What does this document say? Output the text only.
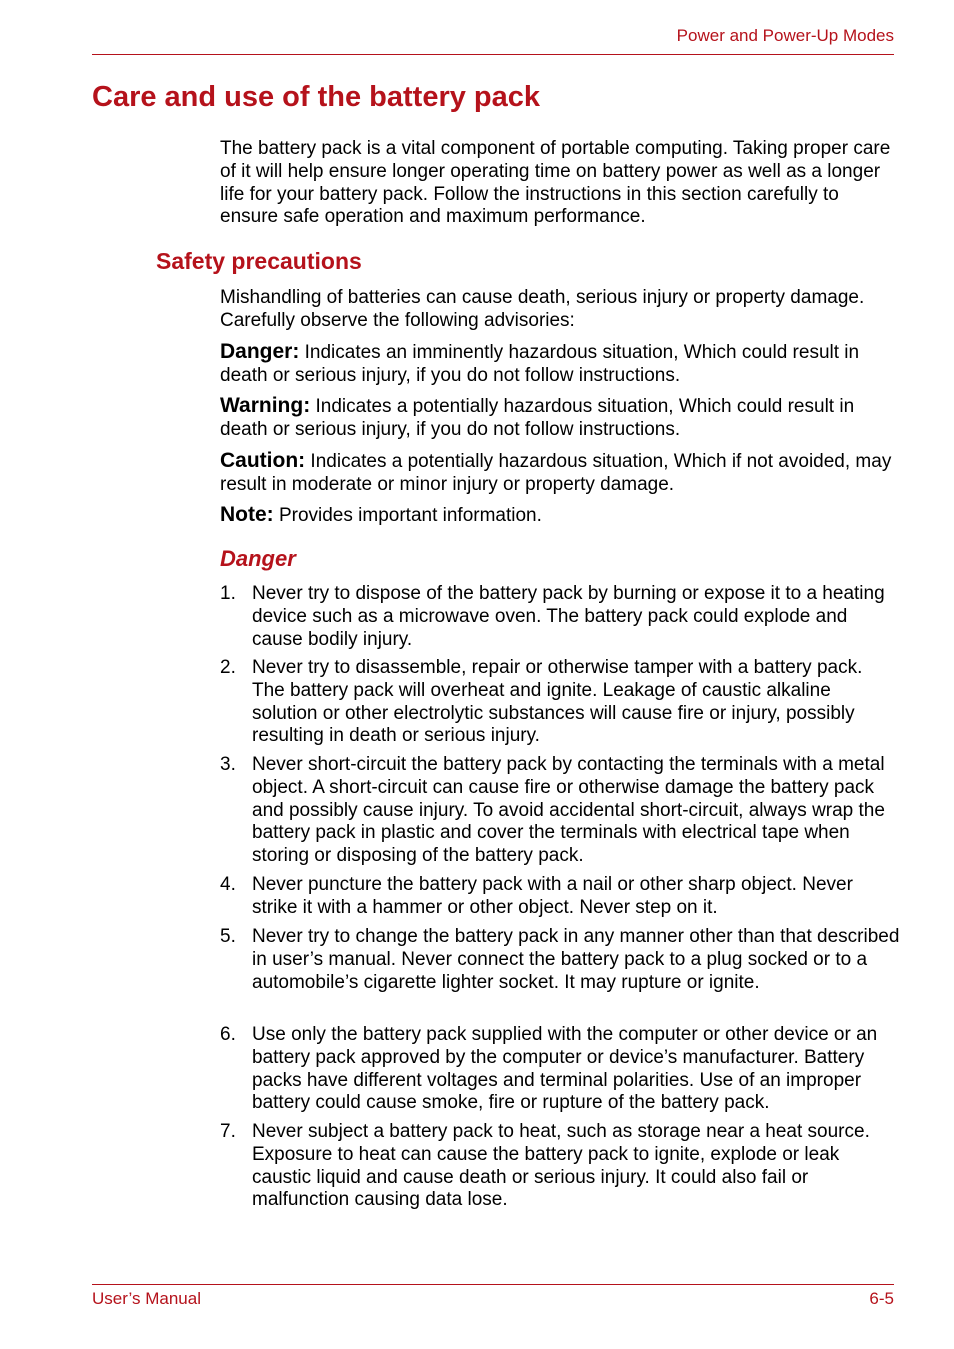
Power and Power-Up Modes
Care and use of the battery pack

The battery pack is a vital component of portable computing. Taking proper care of it will help ensure longer operating time on battery power as well as a longer life for your battery pack. Follow the instructions in this section carefully to ensure safe operation and maximum performance.

Safety precautions

Mishandling of batteries can cause death, serious injury or property damage. Carefully observe the following advisories:

Danger: Indicates an imminently hazardous situation, Which could result in death or serious injury, if you do not follow instructions.

Warning: Indicates a potentially hazardous situation, Which could result in death or serious injury, if you do not follow instructions.

Caution: Indicates a potentially hazardous situation, Which if not avoided, may result in moderate or minor injury or property damage.

Note: Provides important information.

Danger
1. Never try to dispose of the battery pack by burning or expose it to a heating device such as a microwave oven. The battery pack could explode and cause bodily injury.
2. Never try to disassemble, repair or otherwise tamper with a battery pack. The battery pack will overheat and ignite. Leakage of caustic alkaline solution or other electrolytic substances will cause fire or injury, possibly resulting in death or serious injury.
3. Never short-circuit the battery pack by contacting the terminals with a metal object. A short-circuit can cause fire or otherwise damage the battery pack and possibly cause injury. To avoid accidental short-circuit, always wrap the battery pack in plastic and cover the terminals with electrical tape when storing or disposing of the battery pack.
4. Never puncture the battery pack with a nail or other sharp object. Never strike it with a hammer or other object. Never step on it.
5. Never try to change the battery pack in any manner other than that described in user’s manual. Never connect the battery pack to a plug socked or to a automobile’s cigarette lighter socket. It may rupture or ignite.
6. Use only the battery pack supplied with the computer or other device or an battery pack approved by the computer or device’s manufacturer. Battery packs have different voltages and terminal polarities. Use of an improper battery could cause smoke, fire or rupture of the battery pack.
7. Never subject a battery pack to heat, such as storage near a heat source. Exposure to heat can cause the battery pack to ignite, explode or leak caustic liquid and cause death or serious injury. It could also fail or malfunction causing data lose.
User’s Manual	6-5
